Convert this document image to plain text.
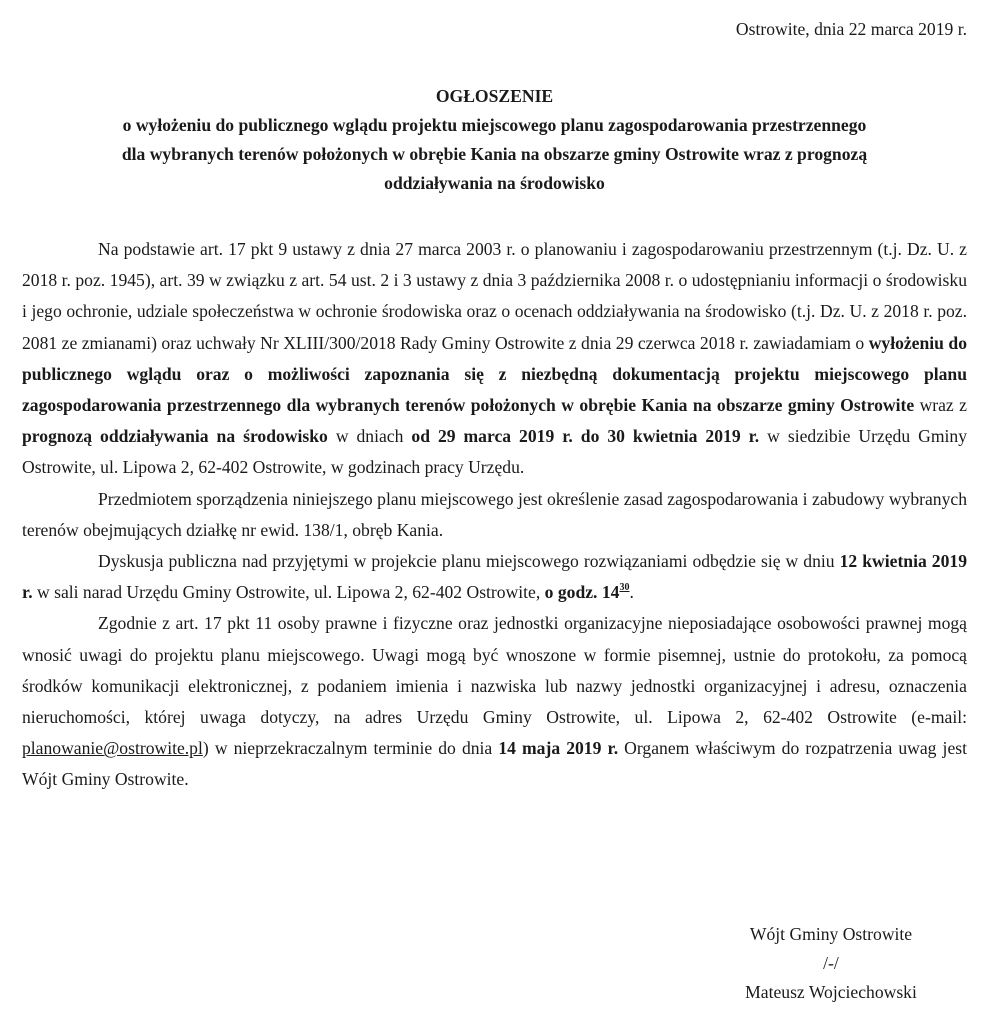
Ostrowite, dnia 22 marca 2019 r.
OGŁOSZENIE
o wyłożeniu do publicznego wglądu projektu miejscowego planu zagospodarowania przestrzennego
dla wybranych terenów położonych w obrębie Kania na obszarze gminy Ostrowite wraz z prognozą
oddziaływania na środowisko

Na podstawie art. 17 pkt 9 ustawy z dnia 27 marca 2003 r. o planowaniu i zagospodarowaniu przestrzennym (t.j. Dz. U. z 2018 r. poz. 1945), art. 39 w związku z art. 54 ust. 2 i 3 ustawy z dnia 3 października 2008 r. o udostępnianiu informacji o środowisku i jego ochronie, udziale społeczeństwa w ochronie środowiska oraz o ocenach oddziaływania na środowisko (t.j. Dz. U. z 2018 r. poz. 2081 ze zmianami) oraz uchwały Nr XLIII/300/2018 Rady Gminy Ostrowite z dnia 29 czerwca 2018 r. zawiadamiam o wyłożeniu do publicznego wglądu oraz o możliwości zapoznania się z niezbędną dokumentacją projektu miejscowego planu zagospodarowania przestrzennego dla wybranych terenów położonych w obrębie Kania na obszarze gminy Ostrowite wraz z prognozą oddziaływania na środowisko w dniach od 29 marca 2019 r. do 30 kwietnia 2019 r. w siedzibie Urzędu Gminy Ostrowite, ul. Lipowa 2, 62-402 Ostrowite, w godzinach pracy Urzędu.

Przedmiotem sporządzenia niniejszego planu miejscowego jest określenie zasad zagospodarowania i zabudowy wybranych terenów obejmujących działkę nr ewid. 138/1, obręb Kania.

Dyskusja publiczna nad przyjętymi w projekcie planu miejscowego rozwiązaniami odbędzie się w dniu 12 kwietnia 2019 r. w sali narad Urzędu Gminy Ostrowite, ul. Lipowa 2, 62-402 Ostrowite, o godz. $14^{30}$.

Zgodnie z art. 17 pkt 11 osoby prawne i fizyczne oraz jednostki organizacyjne nieposiadające osobowości prawnej mogą wnosić uwagi do projektu planu miejscowego. Uwagi mogą być wnoszone w formie pisemnej, ustnie do protokołu, za pomocą środków komunikacji elektronicznej, z podaniem imienia i nazwiska lub nazwy jednostki organizacyjnej i adresu, oznaczenia nieruchomości, której uwaga dotyczy, na adres Urzędu Gminy Ostrowite, ul. Lipowa 2, 62-402 Ostrowite (e-mail: planowanie@ostrowite.pl) w nieprzekraczalnym terminie do dnia 14 maja 2019 r. Organem właściwym do rozpatrzenia uwag jest Wójt Gminy Ostrowite.

Wójt Gminy Ostrowite
/-/
Mateusz Wojciechowski
